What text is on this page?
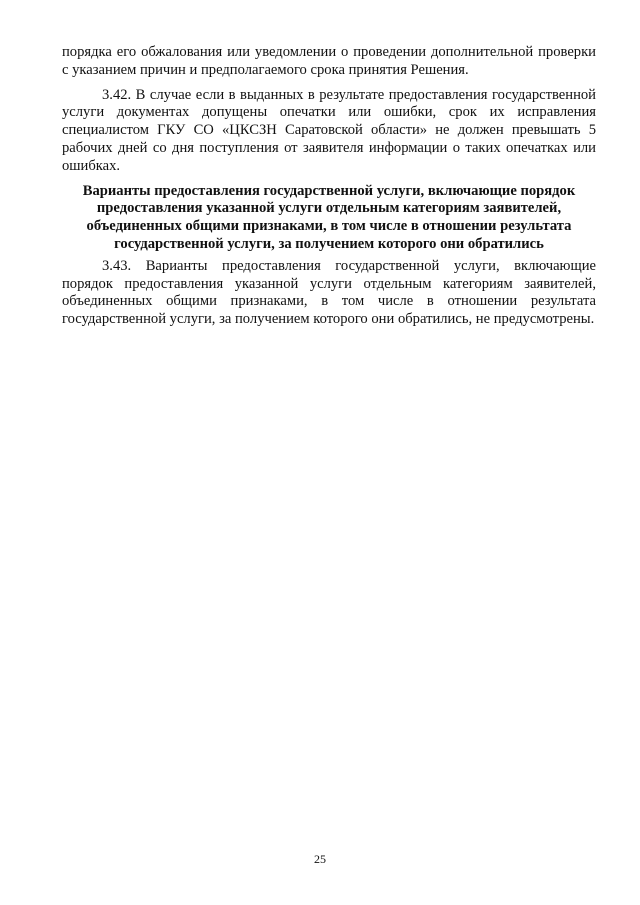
порядка его обжалования или уведомлении о проведении дополнительной проверки с указанием причин и предполагаемого срока принятия Решения.

3.42. В случае если в выданных в результате предоставления государственной услуги документах допущены опечатки или ошибки, срок их исправления специалистом ГКУ СО «ЦКСЗН Саратовской области» не должен превышать 5 рабочих дней со дня поступления от заявителя информации о таких опечатках или ошибках.

Варианты предоставления государственной услуги, включающие порядок предоставления указанной услуги отдельным категориям заявителей, объединенных общими признаками, в том числе в отношении результата государственной услуги, за получением которого они обратились

3.43. Варианты предоставления государственной услуги, включающие порядок предоставления указанной услуги отдельным категориям заявителей, объединенных общими признаками, в том числе в отношении результата государственной услуги, за получением которого они обратились, не предусмотрены.

25
